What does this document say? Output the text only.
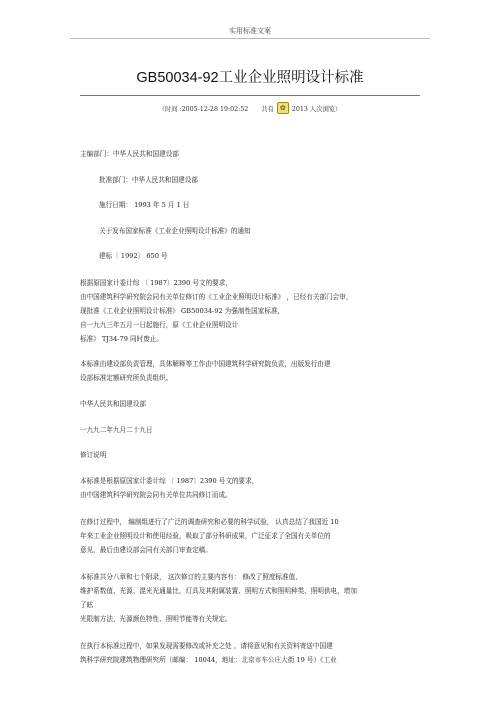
实用标准文案
GB50034-92工业企业照明设计标准
（时间 :2005-12-28 19:02:52 共有 ✿ 2013 人次浏览）
主编部门：中华人民共和国建设部
批准部门：中华人民共和国建设部
施行日期： 1993 年 5 月 1 日
关于发布国家标准《工业企业照明设计标准》的通知
建标〔 1992〕 650 号
根据原国家计委计综 〔 1987〕2390 号文的要求，
由中国建筑科学研究院会同有关单位修订的《工业企业照明设计标准》 ，已经有关部门会审，
现批准《工业企业照明设计标准》 GB50034-92 为强制性国家标准，
自一九九三年五月一日起施行，原《工业企业照明设计
标准》 TJ34-79 同时废止。
本标准由建设部负责管理，具体解释等工作由中国建筑科学研究院负责，出版发行由建
设部标准定额研究所负责组织。
中华人民共和国建设部
一九九二年九月二十九日
修订说明
本标准是根据原国家计委计综 〔 1987〕2390 号文的要求，
由中国建筑科学研究院会同有关单位共同修订而成。
在修订过程中， 编制组进行了广泛的调查研究和必要的科学试验， 认真总结了我国近 10
年来工业企业照明设计和使用经验，吸取了部分科研成果，广泛征求了全国有关单位的
意见，最后由建设部会同有关部门审查定稿。
本标准共分八章和七个附录， 这次修订的主要内容有： 修改了照度标准值、
维护系数值、光源、混光光通量比，灯具及其附属装置、照明方式和照明种类、照明供电，增加
了眩
光限制方法、光源颜色特性、照明节能等有关规定。
在执行本标准过程中，如果发现需要修改或补充之处 ，请将意见和有关资料寄送中国建
筑科学研究院建筑物理研究所（邮编： 10044，地址：北京市车公庄大街 19 号）《工业
